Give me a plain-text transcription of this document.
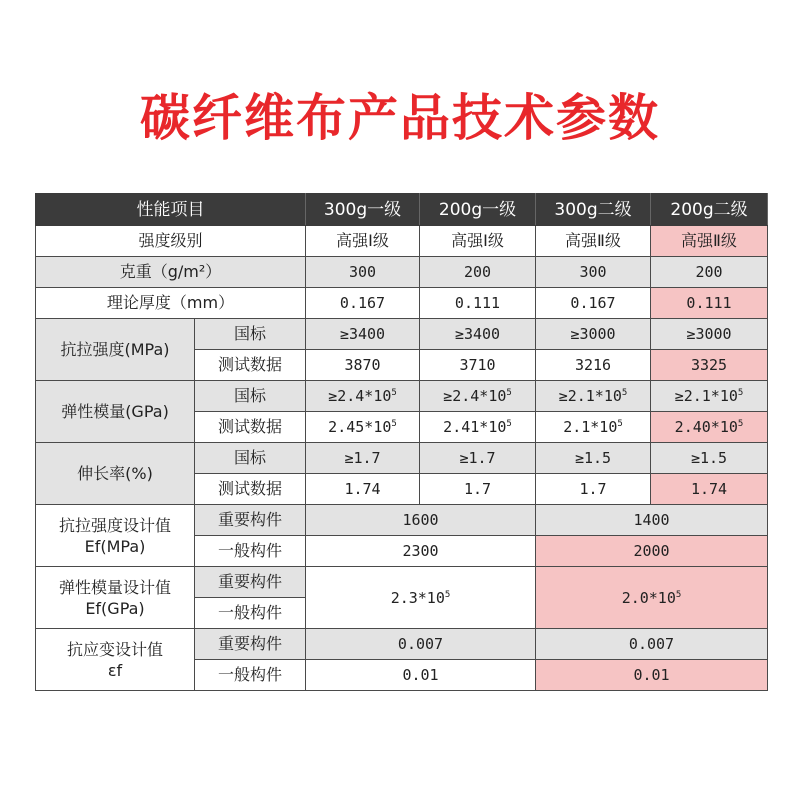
碳纤维布产品技术参数
性能项目		300g一级	200g一级	300g二级	200g二级
强度级别		高强Ⅰ级	高强Ⅰ级	高强Ⅱ级	高强Ⅱ级
克重（g/m²）		300	200	300	200
理论厚度（mm）		0.167	0.111	0.167	0.111
抗拉强度(MPa)	国标	≥3400	≥3400	≥3000	≥3000
	测试数据	3870	3710	3216	3325
弹性模量(GPa)	国标	$\ge 2.4*10^5$	$\ge 2.4*10^5$	$\ge 2.1*10^5$	$\ge 2.1*10^5$
	测试数据	$2.45*10^5$	$2.41*10^5$	$2.1*10^5$	$2.40*10^5$
伸长率(%)	国标	≥1.7	≥1.7	≥1.5	≥1.5
	测试数据	1.74	1.7	1.7	1.74
抗拉强度设计值
Ef(MPa)	重要构件	1600		1400	
	一般构件	2300		2000	
弹性模量设计值
Ef(GPa)	重要构件	$2.3*10^5$		$2.0*10^5$
	一般构件				
抗应变设计值
εf	重要构件	0.007		0.007	
	一般构件	0.01		0.01	
